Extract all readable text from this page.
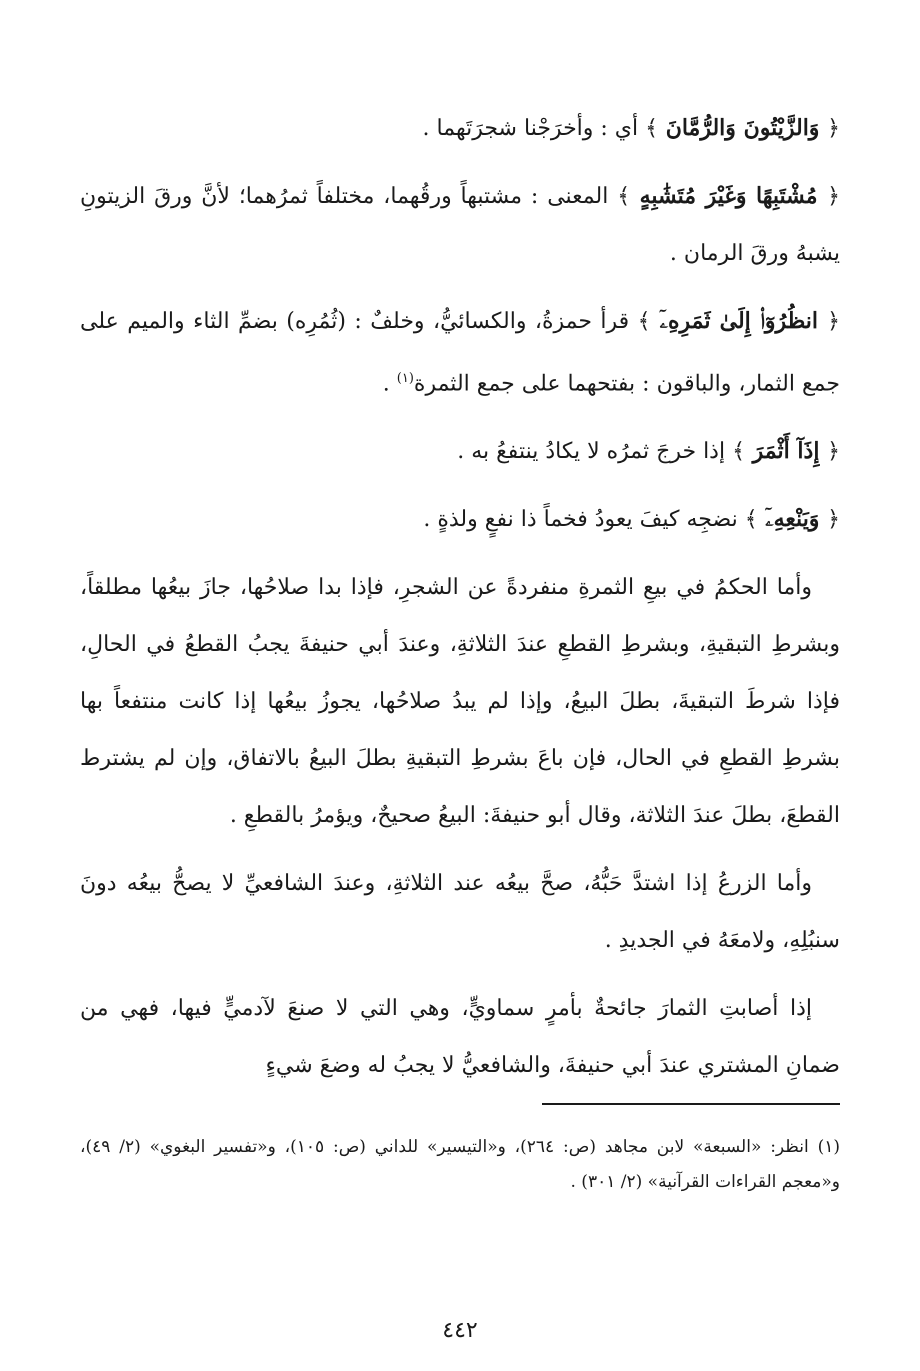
﴿ وَالزَّيْتُونَ وَالرُّمَّانَ ﴾ أي : وأخرَجْنا شجرَتَهما .

﴿ مُشْتَبِهًا وَغَيْرَ مُتَشَٰبِهٍ ﴾ المعنى : مشتبهاً ورقُهما، مختلفاً ثمرُهما؛ لأنَّ ورقَ الزيتونِ يشبهُ ورقَ الرمان .

﴿ انظُرُوٓا۟ إِلَىٰ ثَمَرِهِۦٓ ﴾ قرأ حمزةُ، والكسائيُّ، وخلفٌ : (ثُمُرِه) بضمِّ الثاء والميم على جمع الثمار، والباقون : بفتحهما على جمع الثمرة$^{(١)}$ .

﴿ إِذَآ أَثْمَرَ ﴾ إذا خرجَ ثمرُه لا يكادُ ينتفعُ به .

﴿ وَيَنْعِهِۦٓ ﴾ نضجِه كيفَ يعودُ فخماً ذا نفعٍ ولذةٍ .

وأما الحكمُ في بيعِ الثمرةِ منفردةً عن الشجرِ، فإذا بدا صلاحُها، جازَ بيعُها مطلقاً، وبشرطِ التبقيةِ، وبشرطِ القطعِ عندَ الثلاثةِ، وعندَ أبي حنيفةَ يجبُ القطعُ في الحالِ، فإذا شرطَ التبقيةَ، بطلَ البيعُ، وإذا لم يبدُ صلاحُها، يجوزُ بيعُها إذا كانت منتفعاً بها بشرطِ القطعِ في الحال، فإن باعَ بشرطِ التبقيةِ بطلَ البيعُ بالاتفاق، وإن لم يشترط القطعَ، بطلَ عندَ الثلاثة، وقال أبو حنيفةَ: البيعُ صحيحٌ، ويؤمرُ بالقطعِ .

وأما الزرعُ إذا اشتدَّ حَبُّهُ، صحَّ بيعُه عند الثلاثةِ، وعندَ الشافعيِّ لا يصحُّ بيعُه دونَ سنبُلِهِ، ولامعَهُ في الجديدِ .

إذا أصابتِ الثمارَ جائحةٌ بأمرٍ سماويٍّ، وهي التي لا صنعَ لآدميٍّ فيها، فهي من ضمانِ المشتري عندَ أبي حنيفةَ، والشافعيُّ لا يجبُ له وضعَ شيءٍ

(١) انظر: «السبعة» لابن مجاهد (ص: ٢٦٤)، و«التيسير» للداني (ص: ١٠٥)، و«تفسير البغوي» (٢/ ٤٩)، و«معجم القراءات القرآنية» (٢/ ٣٠١) .
٤٤٢
